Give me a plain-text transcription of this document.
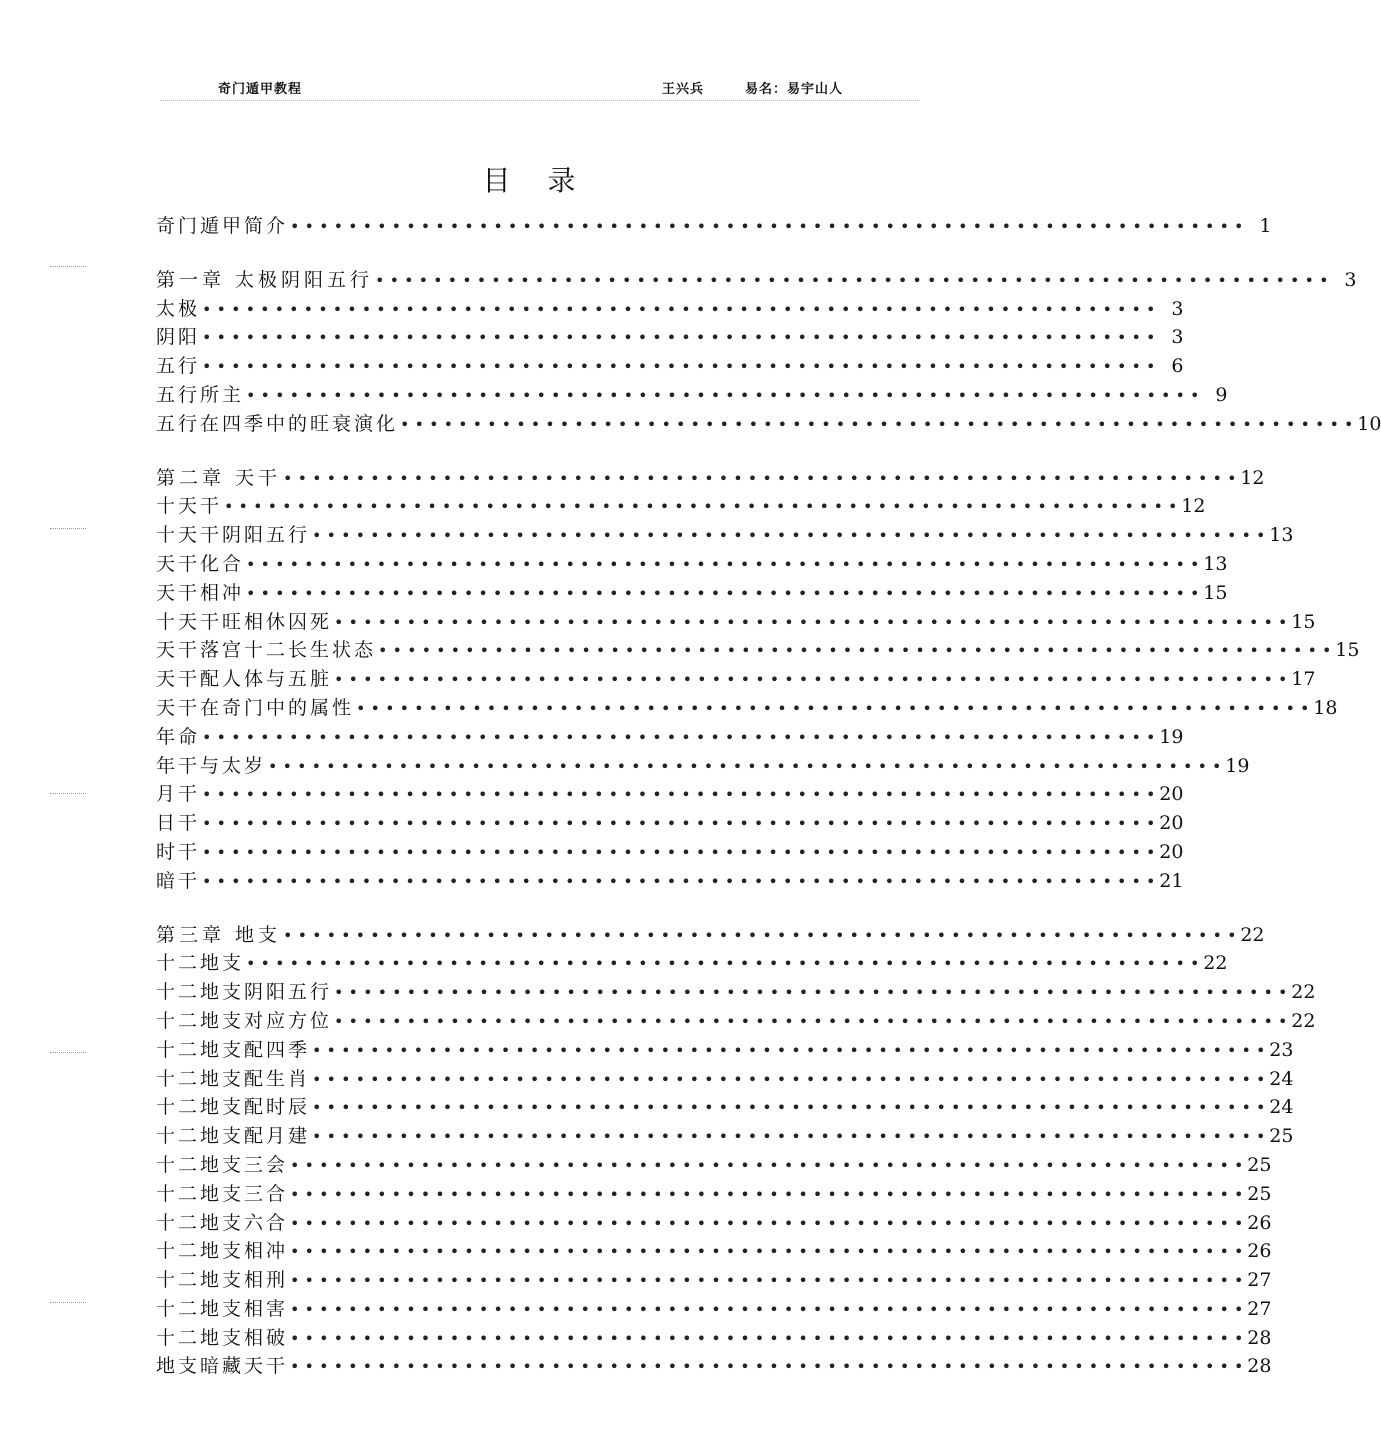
奇门遁甲教程	王兴兵	易名：易宇山人
目 录
奇门遁甲简介 • • • • • • • • • • • • • • • • • • • • • • • • • • • • • • • • • • • • • • • • • • • • • • • • • • • • • • • • • • • • • • • • • • 1
第一章 太极阴阳五行 • • • • • • • • • • • • • • • • • • • • • • • • • • • • • • • • • • • • • • • • • • • • • • • • • • • • • • • • • • • • • • • • • • 3
太极 • • • • • • • • • • • • • • • • • • • • • • • • • • • • • • • • • • • • • • • • • • • • • • • • • • • • • • • • • • • • • • • • • • 3
阴阳 • • • • • • • • • • • • • • • • • • • • • • • • • • • • • • • • • • • • • • • • • • • • • • • • • • • • • • • • • • • • • • • • • • 3
五行 • • • • • • • • • • • • • • • • • • • • • • • • • • • • • • • • • • • • • • • • • • • • • • • • • • • • • • • • • • • • • • • • • • 6
五行所主 • • • • • • • • • • • • • • • • • • • • • • • • • • • • • • • • • • • • • • • • • • • • • • • • • • • • • • • • • • • • • • • • • • 9
五行在四季中的旺衰演化 • • • • • • • • • • • • • • • • • • • • • • • • • • • • • • • • • • • • • • • • • • • • • • • • • • • • • • • • • • • • • • • • • • 10
第二章 天干 • • • • • • • • • • • • • • • • • • • • • • • • • • • • • • • • • • • • • • • • • • • • • • • • • • • • • • • • • • • • • • • • • • 12
十天干 • • • • • • • • • • • • • • • • • • • • • • • • • • • • • • • • • • • • • • • • • • • • • • • • • • • • • • • • • • • • • • • • • • 12
十天干阴阳五行 • • • • • • • • • • • • • • • • • • • • • • • • • • • • • • • • • • • • • • • • • • • • • • • • • • • • • • • • • • • • • • • • • • 13
天干化合 • • • • • • • • • • • • • • • • • • • • • • • • • • • • • • • • • • • • • • • • • • • • • • • • • • • • • • • • • • • • • • • • • • 13
天干相冲 • • • • • • • • • • • • • • • • • • • • • • • • • • • • • • • • • • • • • • • • • • • • • • • • • • • • • • • • • • • • • • • • • • 15
十天干旺相休囚死 • • • • • • • • • • • • • • • • • • • • • • • • • • • • • • • • • • • • • • • • • • • • • • • • • • • • • • • • • • • • • • • • • • 15
天干落宫十二长生状态 • • • • • • • • • • • • • • • • • • • • • • • • • • • • • • • • • • • • • • • • • • • • • • • • • • • • • • • • • • • • • • • • • • 15
天干配人体与五脏 • • • • • • • • • • • • • • • • • • • • • • • • • • • • • • • • • • • • • • • • • • • • • • • • • • • • • • • • • • • • • • • • • • 17
天干在奇门中的属性 • • • • • • • • • • • • • • • • • • • • • • • • • • • • • • • • • • • • • • • • • • • • • • • • • • • • • • • • • • • • • • • • • • 18
年命 • • • • • • • • • • • • • • • • • • • • • • • • • • • • • • • • • • • • • • • • • • • • • • • • • • • • • • • • • • • • • • • • • • 19
年干与太岁 • • • • • • • • • • • • • • • • • • • • • • • • • • • • • • • • • • • • • • • • • • • • • • • • • • • • • • • • • • • • • • • • • • 19
月干 • • • • • • • • • • • • • • • • • • • • • • • • • • • • • • • • • • • • • • • • • • • • • • • • • • • • • • • • • • • • • • • • • • 20
日干 • • • • • • • • • • • • • • • • • • • • • • • • • • • • • • • • • • • • • • • • • • • • • • • • • • • • • • • • • • • • • • • • • • 20
时干 • • • • • • • • • • • • • • • • • • • • • • • • • • • • • • • • • • • • • • • • • • • • • • • • • • • • • • • • • • • • • • • • • • 20
暗干 • • • • • • • • • • • • • • • • • • • • • • • • • • • • • • • • • • • • • • • • • • • • • • • • • • • • • • • • • • • • • • • • • • 21
第三章 地支 • • • • • • • • • • • • • • • • • • • • • • • • • • • • • • • • • • • • • • • • • • • • • • • • • • • • • • • • • • • • • • • • • • 22
十二地支 • • • • • • • • • • • • • • • • • • • • • • • • • • • • • • • • • • • • • • • • • • • • • • • • • • • • • • • • • • • • • • • • • • 22
十二地支阴阳五行 • • • • • • • • • • • • • • • • • • • • • • • • • • • • • • • • • • • • • • • • • • • • • • • • • • • • • • • • • • • • • • • • • • 22
十二地支对应方位 • • • • • • • • • • • • • • • • • • • • • • • • • • • • • • • • • • • • • • • • • • • • • • • • • • • • • • • • • • • • • • • • • • 22
十二地支配四季 • • • • • • • • • • • • • • • • • • • • • • • • • • • • • • • • • • • • • • • • • • • • • • • • • • • • • • • • • • • • • • • • • • 23
十二地支配生肖 • • • • • • • • • • • • • • • • • • • • • • • • • • • • • • • • • • • • • • • • • • • • • • • • • • • • • • • • • • • • • • • • • • 24
十二地支配时辰 • • • • • • • • • • • • • • • • • • • • • • • • • • • • • • • • • • • • • • • • • • • • • • • • • • • • • • • • • • • • • • • • • • 24
十二地支配月建 • • • • • • • • • • • • • • • • • • • • • • • • • • • • • • • • • • • • • • • • • • • • • • • • • • • • • • • • • • • • • • • • • • 25
十二地支三会 • • • • • • • • • • • • • • • • • • • • • • • • • • • • • • • • • • • • • • • • • • • • • • • • • • • • • • • • • • • • • • • • • • 25
十二地支三合 • • • • • • • • • • • • • • • • • • • • • • • • • • • • • • • • • • • • • • • • • • • • • • • • • • • • • • • • • • • • • • • • • • 25
十二地支六合 • • • • • • • • • • • • • • • • • • • • • • • • • • • • • • • • • • • • • • • • • • • • • • • • • • • • • • • • • • • • • • • • • • 26
十二地支相冲 • • • • • • • • • • • • • • • • • • • • • • • • • • • • • • • • • • • • • • • • • • • • • • • • • • • • • • • • • • • • • • • • • • 26
十二地支相刑 • • • • • • • • • • • • • • • • • • • • • • • • • • • • • • • • • • • • • • • • • • • • • • • • • • • • • • • • • • • • • • • • • • 27
十二地支相害 • • • • • • • • • • • • • • • • • • • • • • • • • • • • • • • • • • • • • • • • • • • • • • • • • • • • • • • • • • • • • • • • • • 27
十二地支相破 • • • • • • • • • • • • • • • • • • • • • • • • • • • • • • • • • • • • • • • • • • • • • • • • • • • • • • • • • • • • • • • • • • 28
地支暗藏天干 • • • • • • • • • • • • • • • • • • • • • • • • • • • • • • • • • • • • • • • • • • • • • • • • • • • • • • • • • • • • • • • • • • 28
